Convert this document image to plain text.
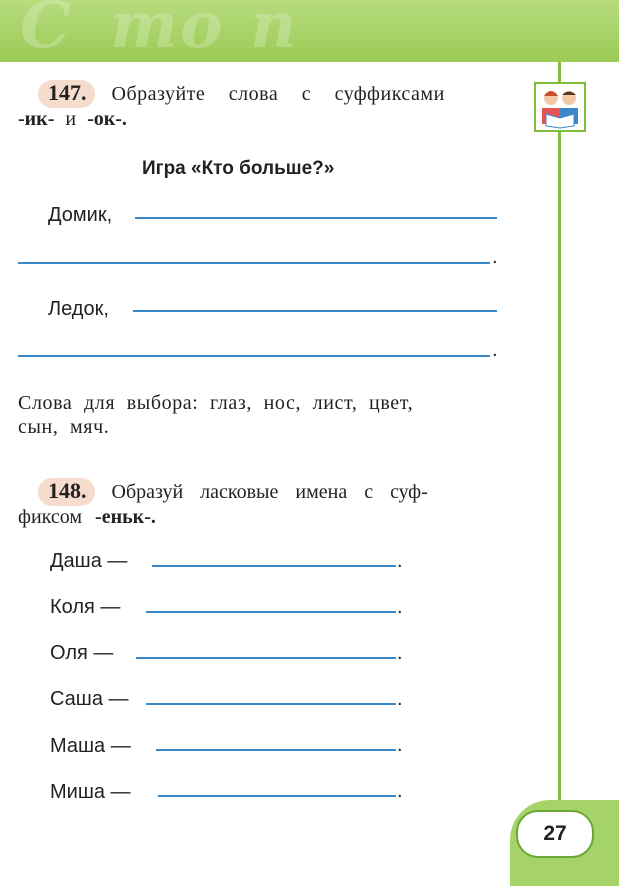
С т о п
147. Образуйте слова с суффиксами
-ик- и -ок-.
Игра «Кто больше?»
Домик,
.
Ледок,
.
Слова для выбора: глаз, нос, лист, цвет,
сын, мяч.
148. Образуй ласковые имена с суф-
фиксом -еньк-.
Даша —	.
Коля —	.
Оля —	.
Саша —	.
Маша —	.
Миша —	.
27
